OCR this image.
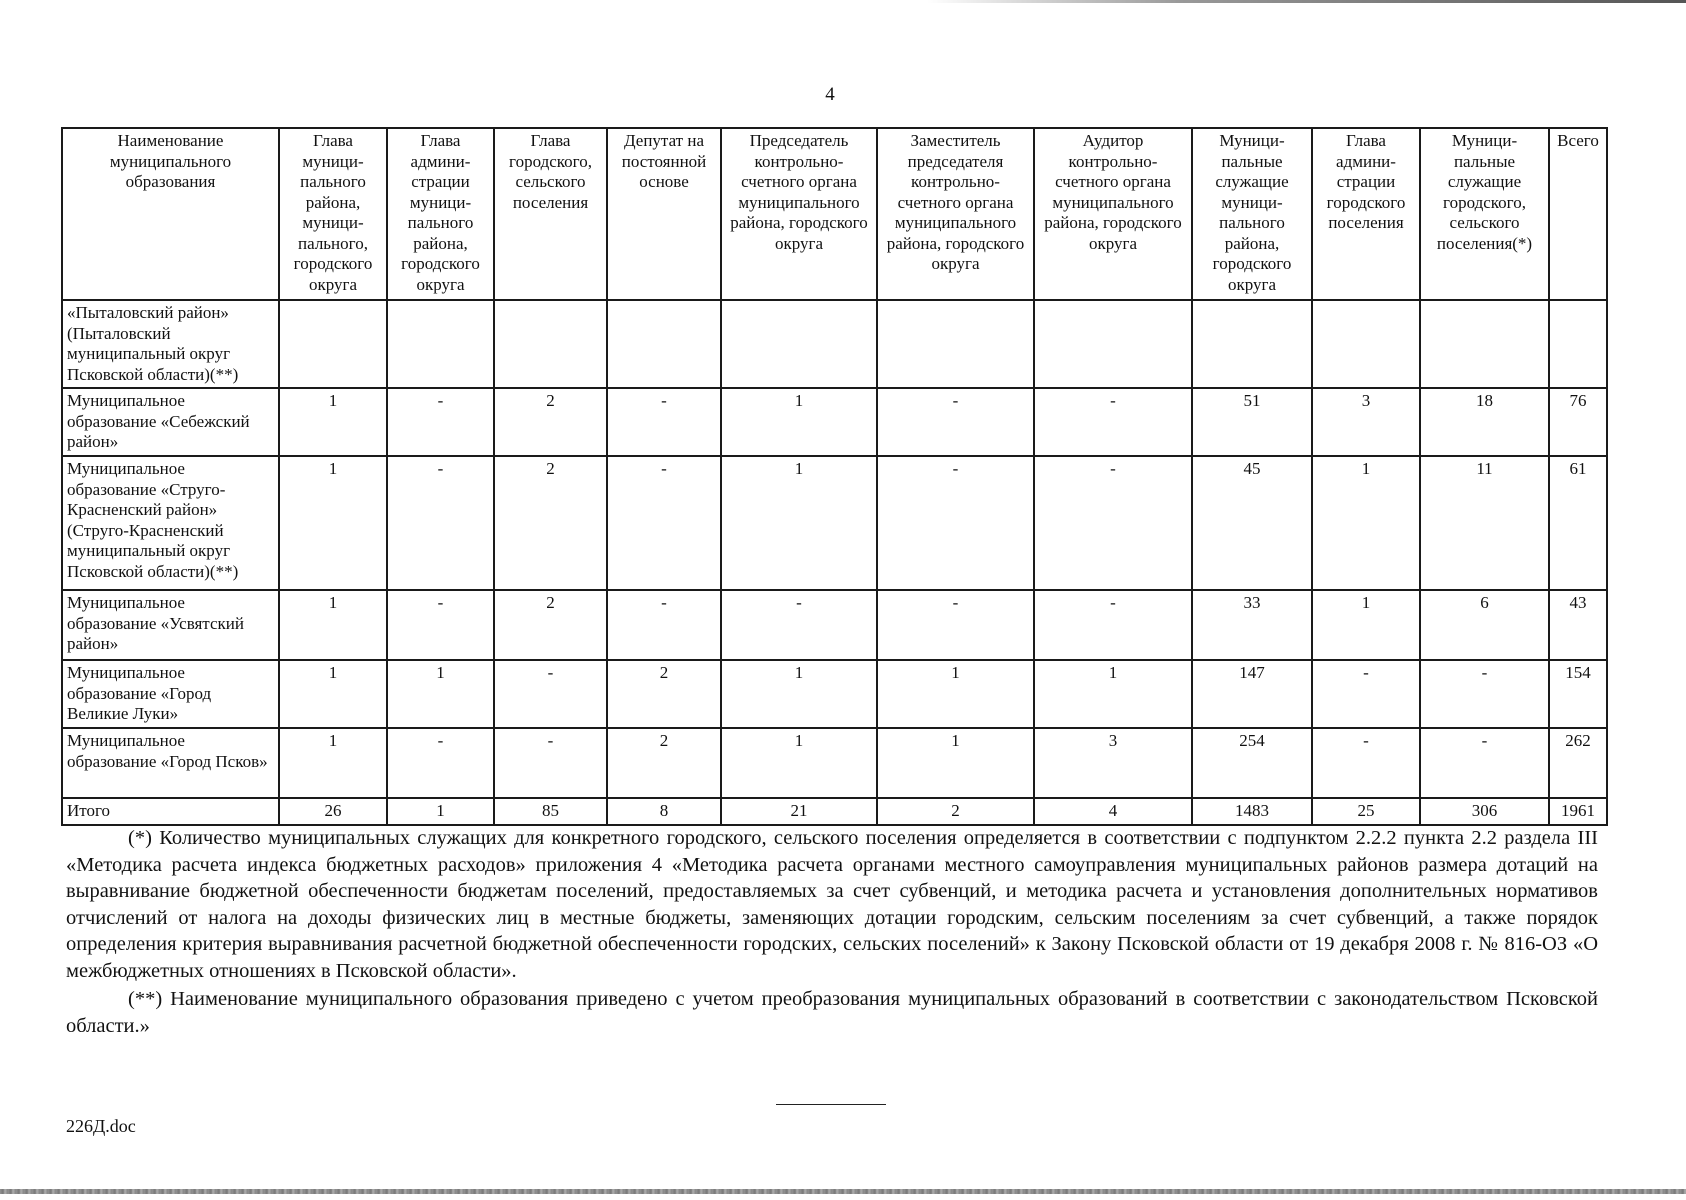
4
Наименование муниципального образования	Глава муници-пального района, муници-пального, городского округа	Глава админи-страции муници-пального района, городского округа	Глава городского, сельского поселения	Депутат на постоянной основе	Председатель контрольно-счетного органа муниципального района, городского округа	Заместитель председателя контрольно-счетного органа муниципального района, городского округа	Аудитор контрольно-счетного органа муниципального района, городского округа	Муници-пальные служащие муници-пального района, городского округа	Глава админи-страции городского поселения	Муници-пальные служащие городского, сельского поселения(*)	Всего
«Пыталовский район» (Пыталовский муниципальный округ Псковской области)(**)											
Муниципальное образование «Себежский район»	1	-	2	-	1	-	-	51	3	18	76
Муниципальное образование «Струго-Красненский район» (Струго-Красненский муниципальный округ Псковской области)(**)	1	-	2	-	1	-	-	45	1	11	61
Муниципальное образование «Усвятский район»	1	-	2	-	-	-	-	33	1	6	43
Муниципальное образование «Город Великие Луки»	1	1	-	2	1	1	1	147	-	-	154
Муниципальное образование «Город Псков»	1	-	-	2	1	1	3	254	-	-	262
Итого	26	1	85	8	21	2	4	1483	25	306	1961

(*) Количество муниципальных служащих для конкретного городского, сельского поселения определяется в соответствии с подпунктом 2.2.2 пункта 2.2 раздела III «Методика расчета индекса бюджетных расходов» приложения 4 «Методика расчета органами местного самоуправления муниципальных районов размера дотаций на выравнивание бюджетной обеспеченности бюджетам поселений, предоставляемых за счет субвенций, и методика расчета и установления дополнительных нормативов отчислений от налога на доходы физических лиц в местные бюджеты, заменяющих дотации городским, сельским поселениям за счет субвенций, а также порядок определения критерия выравнивания расчетной бюджетной обеспеченности городских, сельских поселений» к Закону Псковской области от 19 декабря 2008 г. № 816-ОЗ «О межбюджетных отношениях в Псковской области».

(**) Наименование муниципального образования приведено с учетом преобразования муниципальных образований в соответствии с законодательством Псковской области.»

226Д.doc
